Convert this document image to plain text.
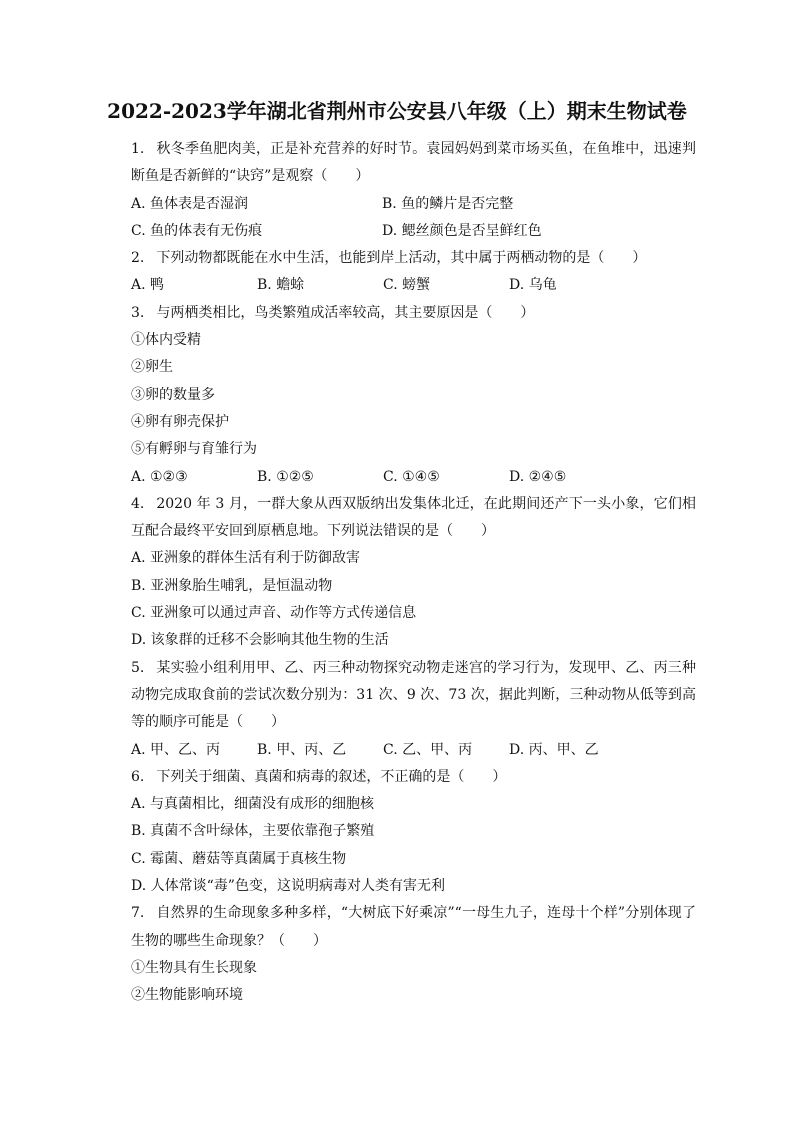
2022-2023学年湖北省荆州市公安县八年级（上）期末生物试卷

1. 秋冬季鱼肥肉美，正是补充营养的好时节。袁园妈妈到菜市场买鱼，在鱼堆中，迅速判断鱼是否新鲜的“诀窍”是观察（　　）

A. 鱼体表是否湿润	B. 鱼的鳞片是否完整
C. 鱼的体表有无伤痕	D. 鳃丝颜色是否呈鲜红色

2. 下列动物都既能在水中生活，也能到岸上活动，其中属于两栖动物的是（　　）

A. 鸭	B. 蟾蜍	C. 螃蟹	D. 乌龟

3. 与两栖类相比，鸟类繁殖成活率较高，其主要原因是（　　）

①体内受精

②卵生

③卵的数量多

④卵有卵壳保护

⑤有孵卵与育雏行为

A. ①②③	B. ①②⑤	C. ①④⑤	D. ②④⑤

4. 2020 年 3 月，一群大象从西双版纳出发集体北迁，在此期间还产下一头小象，它们相互配合最终平安回到原栖息地。下列说法错误的是（　　）

A. 亚洲象的群体生活有利于防御敌害

B. 亚洲象胎生哺乳，是恒温动物

C. 亚洲象可以通过声音、动作等方式传递信息

D. 该象群的迁移不会影响其他生物的生活

5. 某实验小组利用甲、乙、丙三种动物探究动物走迷宫的学习行为，发现甲、乙、丙三种动物完成取食前的尝试次数分别为：31 次、9 次、73 次，据此判断，三种动物从低等到高等的顺序可能是（　　）

A. 甲、乙、丙	B. 甲、丙、乙	C. 乙、甲、丙	D. 丙、甲、乙

6. 下列关于细菌、真菌和病毒的叙述，不正确的是（　　）

A. 与真菌相比，细菌没有成形的细胞核

B. 真菌不含叶绿体，主要依靠孢子繁殖

C. 霉菌、蘑菇等真菌属于真核生物

D. 人体常谈“毒”色变，这说明病毒对人类有害无利

7. 自然界的生命现象多种多样，“大树底下好乘凉”“一母生九子，连母十个样”分别体现了生物的哪些生命现象？（　　）

①生物具有生长现象

②生物能影响环境
